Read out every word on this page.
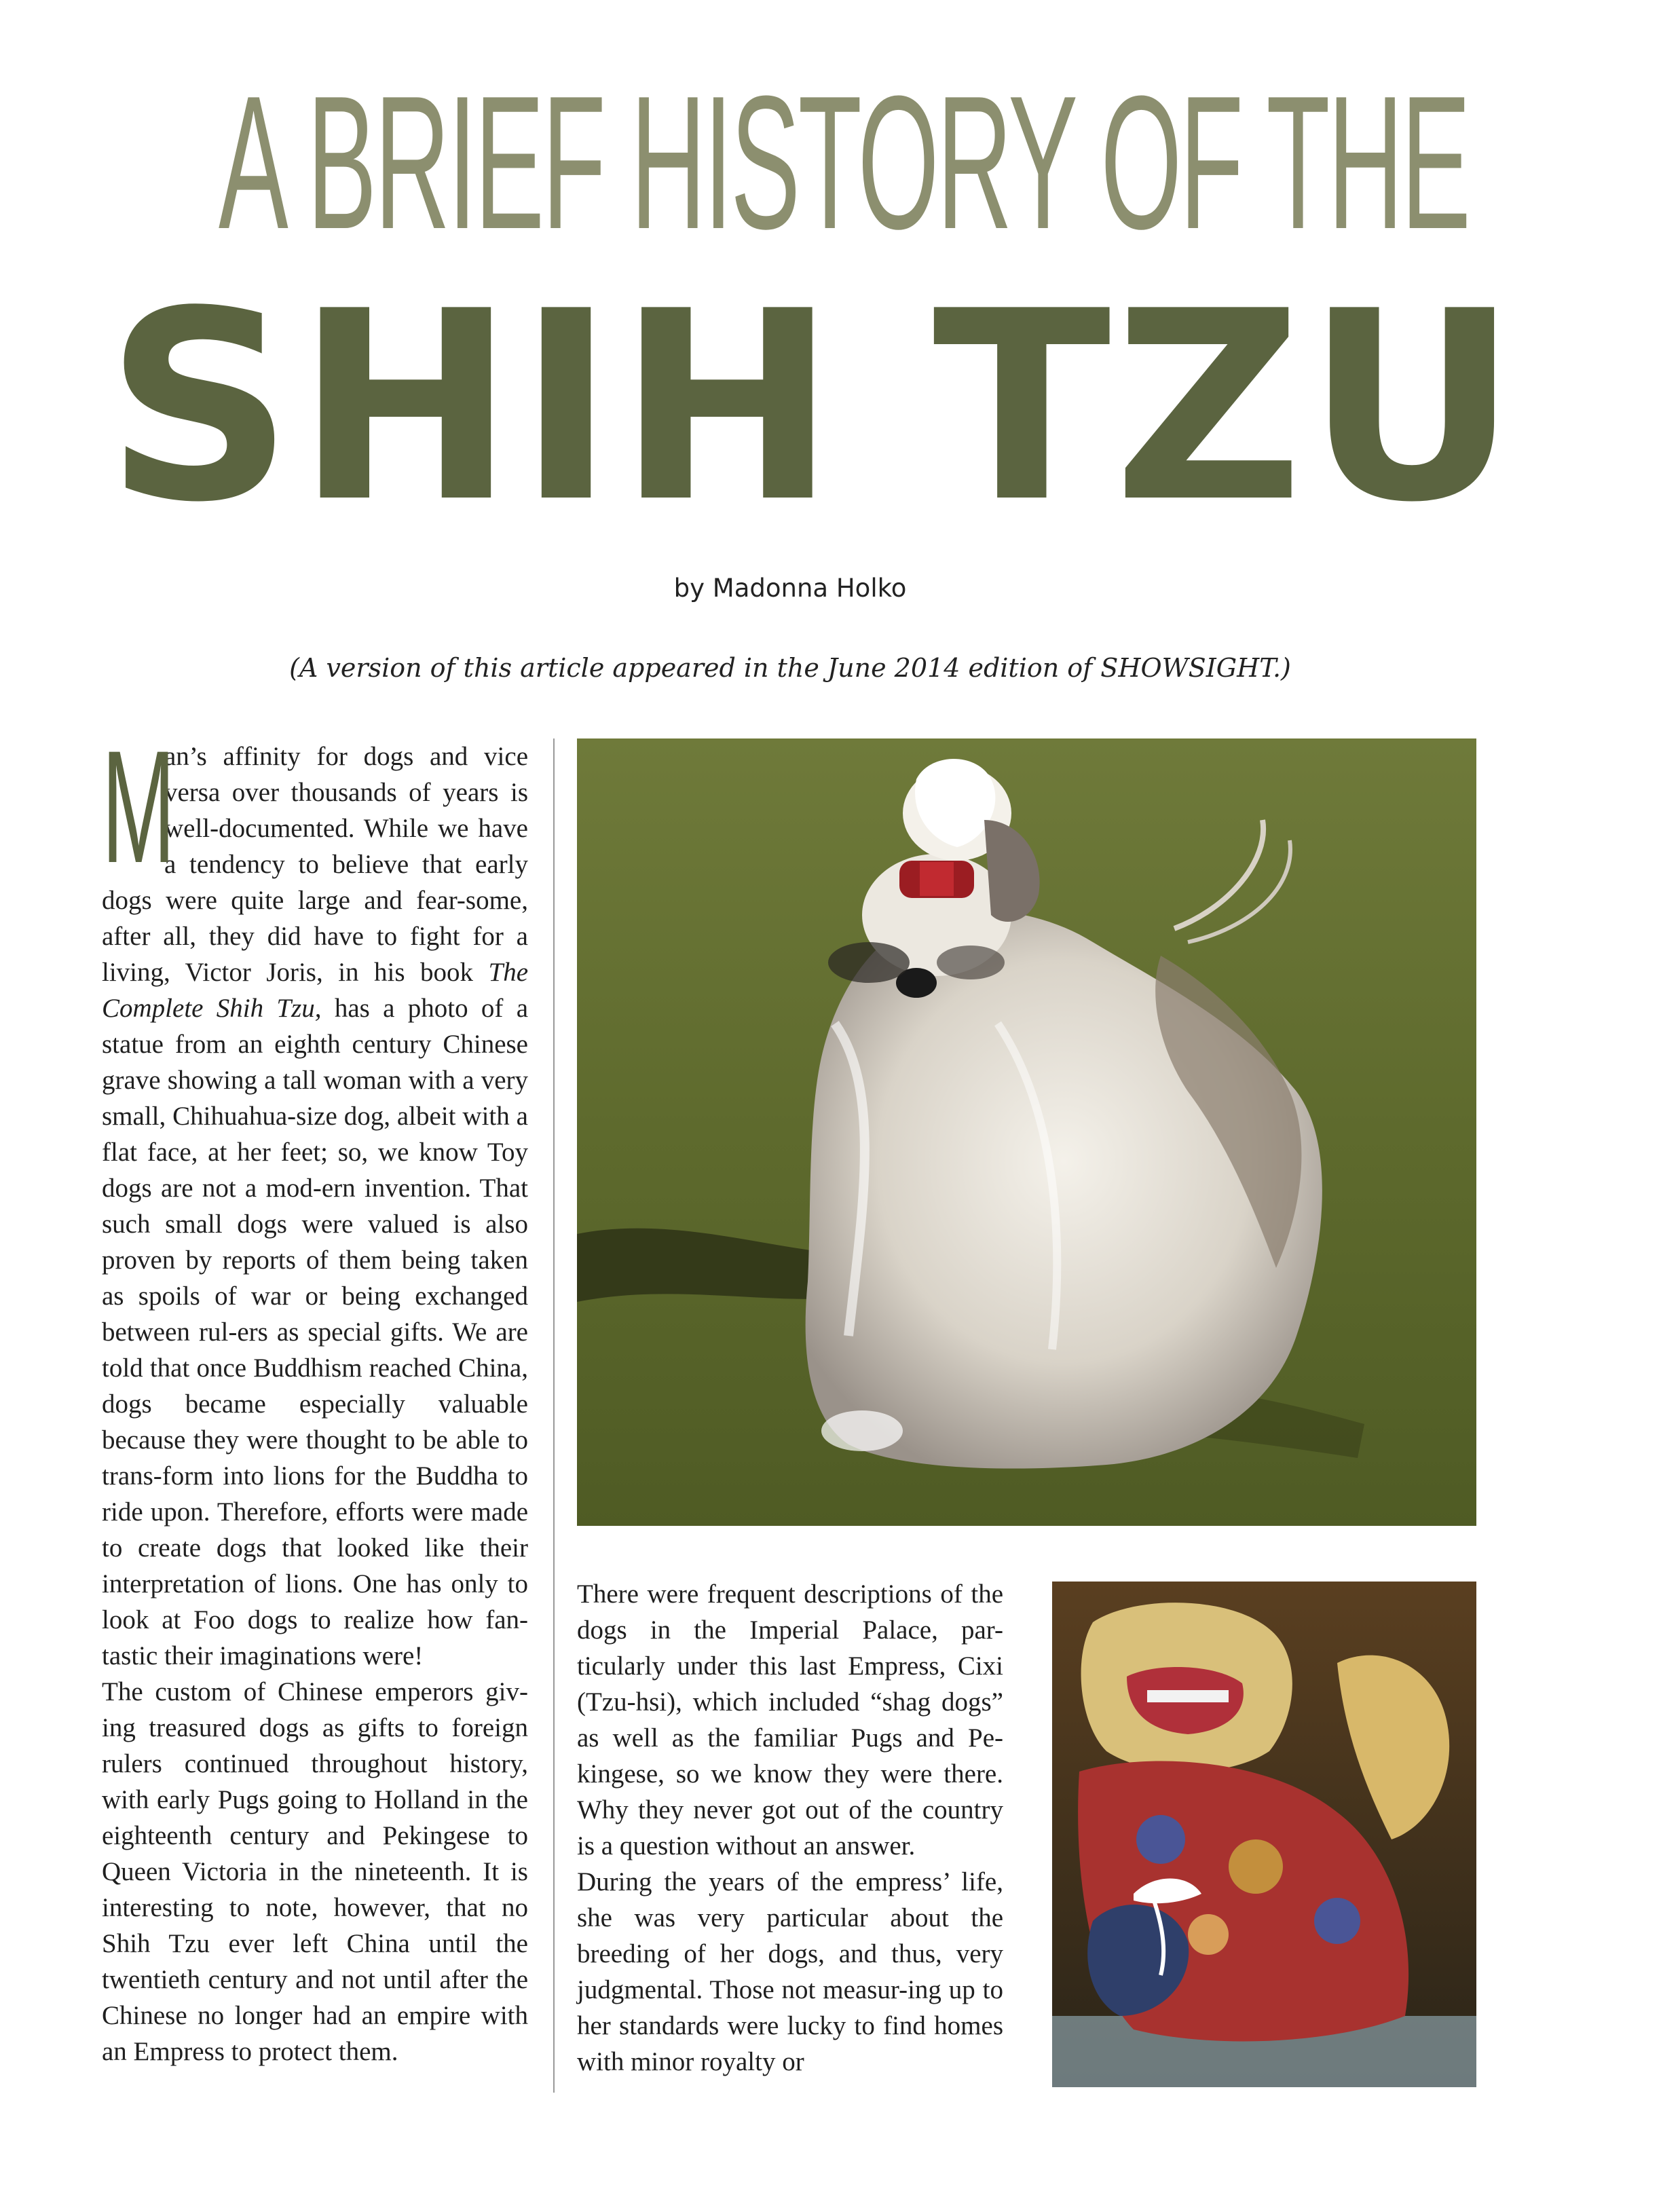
A BRIEF HISTORY OF THE
SHIH TZU
by Madonna Holko
(A version of this article appeared in the June 2014 edition of SHOWSIGHT.)

M
an’s affinity for dogs and vice versa over thousands of years is well-documented. While we have a tendency to believe that early dogs were quite large and fear-some, after all, they did have to fight for a living, Victor Joris, in his book The Complete Shih Tzu, has a photo of a statue from an eighth century Chinese grave showing a tall woman with a very small, Chihuahua-size dog, albeit with a flat face, at her feet; so, we know Toy dogs are not a mod-ern invention. That such small dogs were valued is also proven by reports of them being taken as spoils of war or being exchanged between rul-ers as special gifts. We are told that once Buddhism reached China, dogs became especially valuable because they were thought to be able to trans-form into lions for the Buddha to ride upon. Therefore, efforts were made to create dogs that looked like their interpretation of lions. One has only to look at Foo dogs to realize how fan-tastic their imaginations were!

The custom of Chinese emperors giv-ing treasured dogs as gifts to foreign rulers continued throughout history, with early Pugs going to Holland in the eighteenth century and Pekingese to Queen Victoria in the nineteenth. It is interesting to note, however, that no Shih Tzu ever left China until the twentieth century and not until after the Chinese no longer had an empire with an Empress to protect them.

There were frequent descriptions of the dogs in the Imperial Palace, par-ticularly under this last Empress, Cixi (Tzu-hsi), which included “shag dogs” as well as the familiar Pugs and Pe-kingese, so we know they were there. Why they never got out of the country is a question without an answer.

During the years of the empress’ life, she was very particular about the breeding of her dogs, and thus, very judgmental. Those not measur-ing up to her standards were lucky to find homes with minor royalty or
